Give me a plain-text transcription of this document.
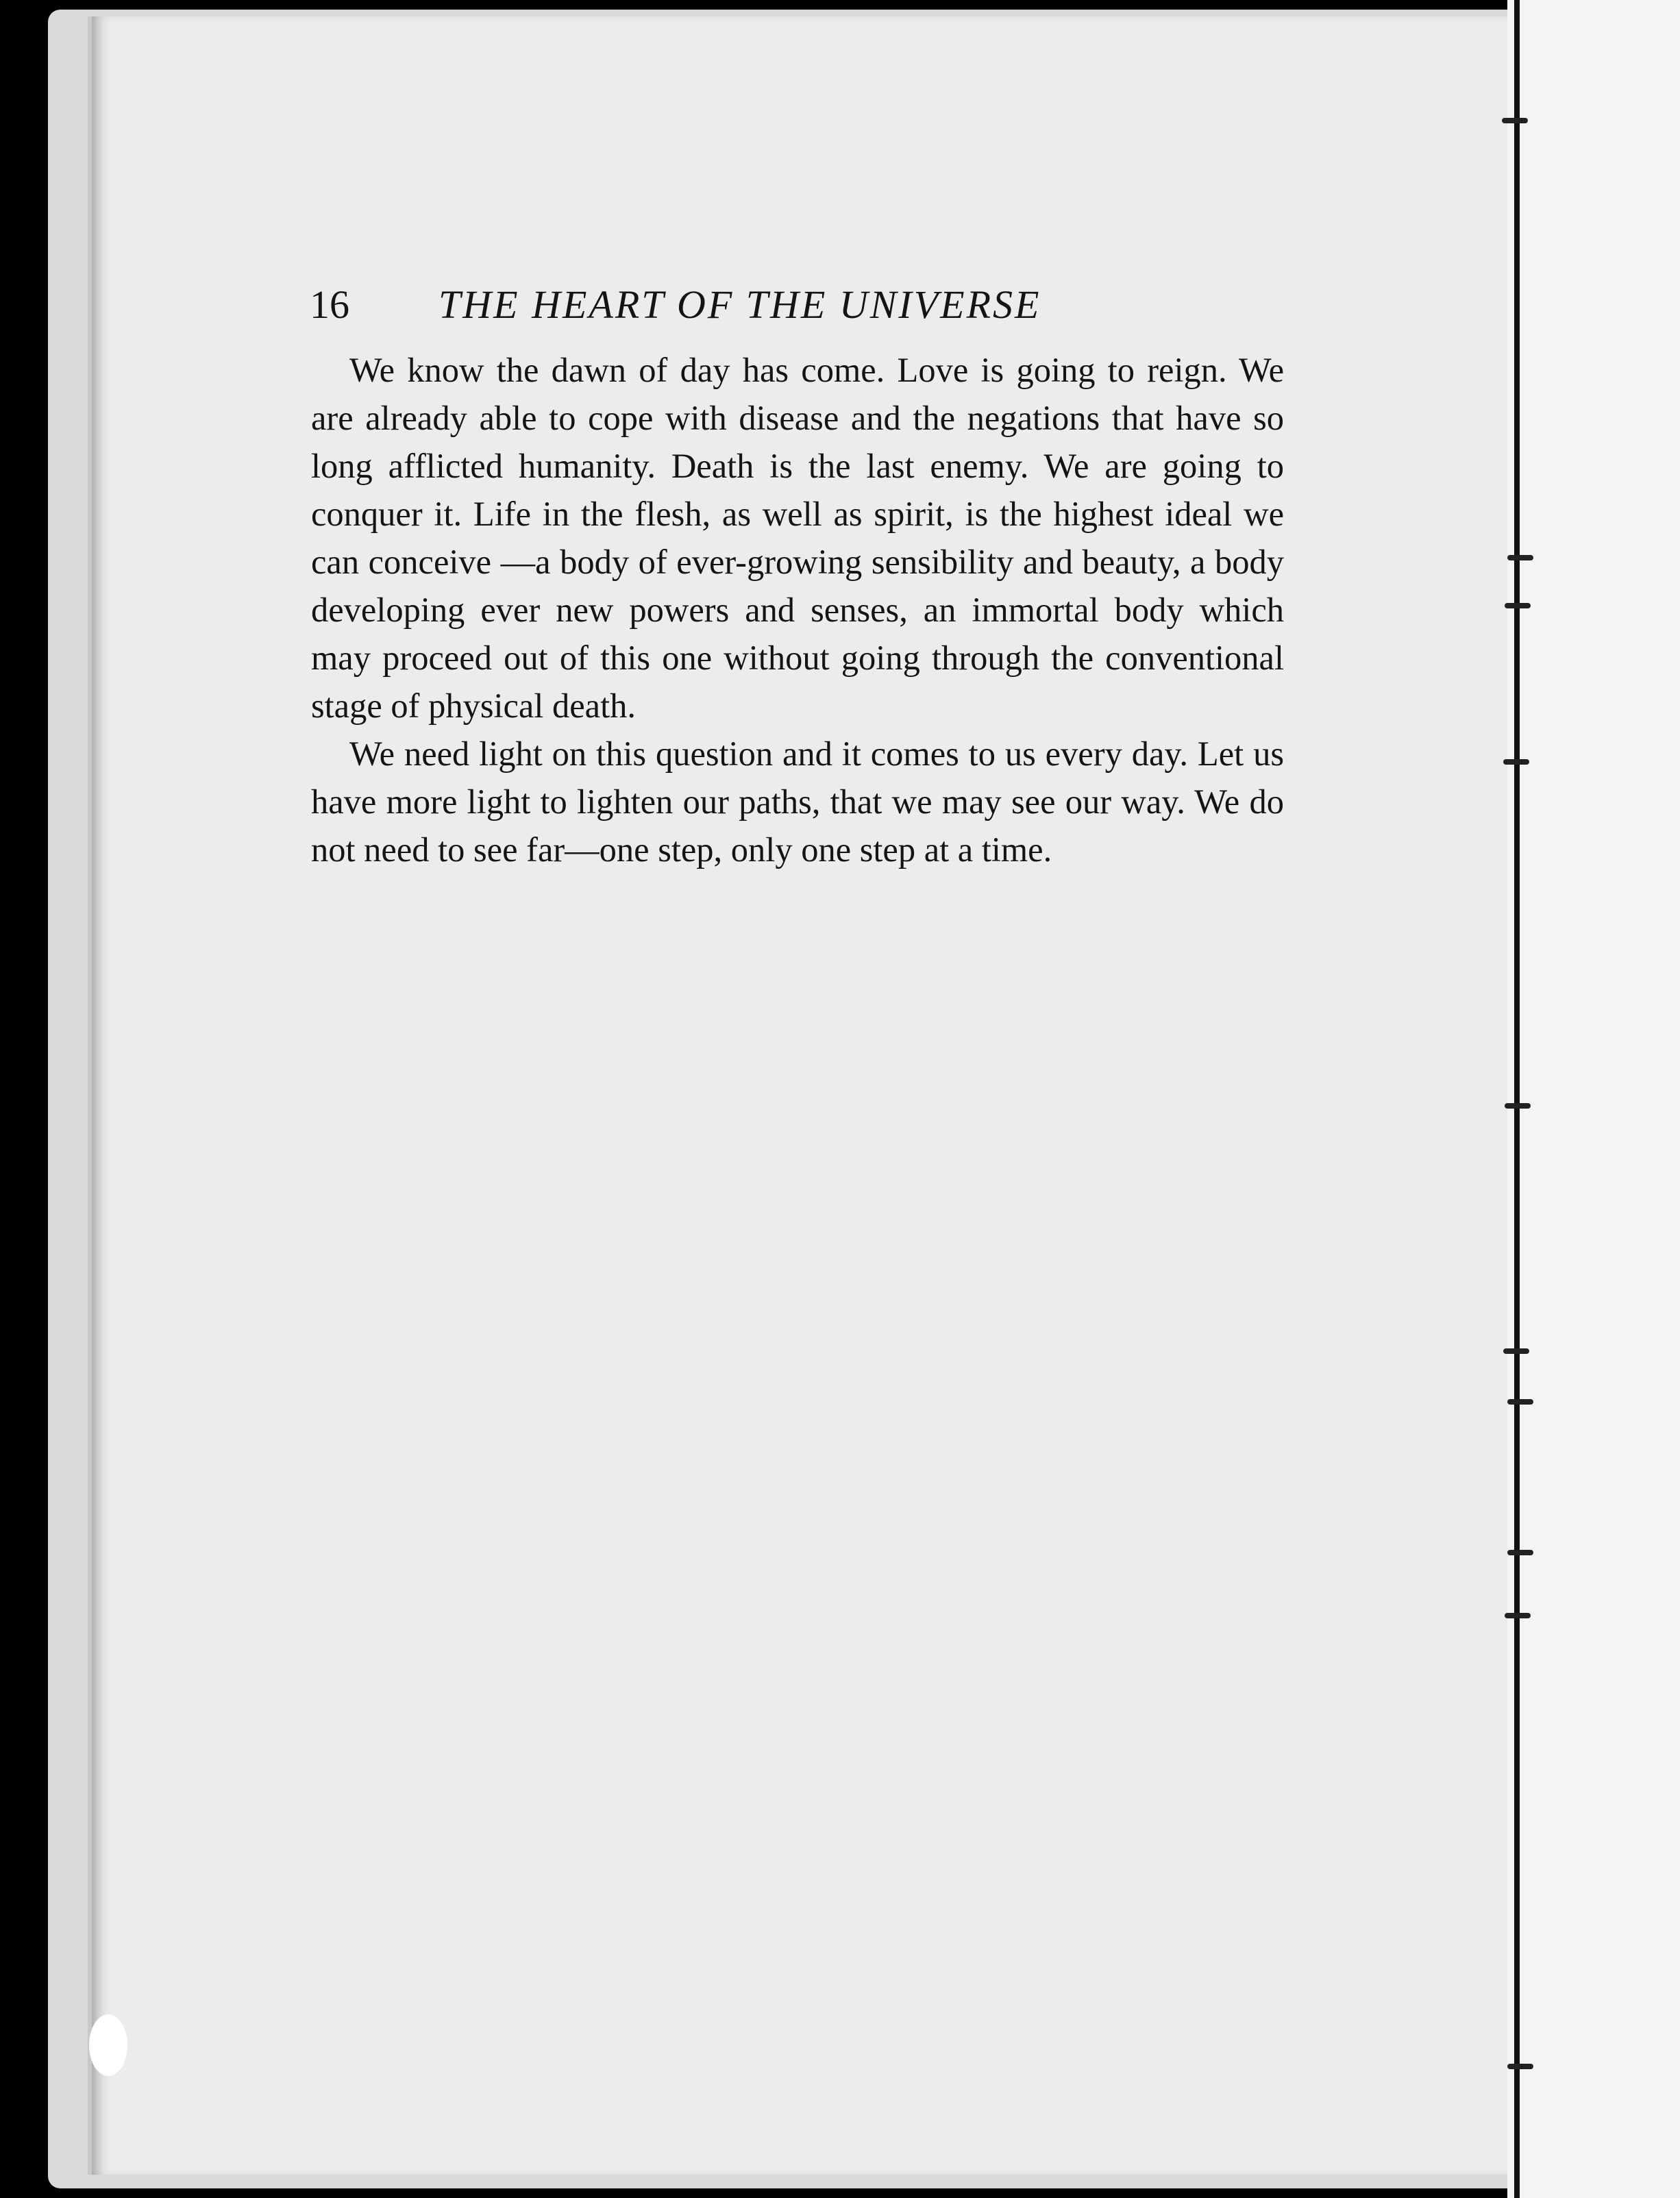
16 THE HEART OF THE UNIVERSE

We know the dawn of day has come. Love is going to reign. We are already able to cope with disease and the negations that have so long afflicted humanity. Death is the last enemy. We are going to conquer it. Life in the flesh, as well as spirit, is the highest ideal we can conceive —a body of ever-growing sensibility and beauty, a body developing ever new powers and senses, an immortal body which may proceed out of this one without going through the conventional stage of physical death.

We need light on this question and it comes to us every day. Let us have more light to lighten our paths, that we may see our way. We do not need to see far—one step, only one step at a time.
